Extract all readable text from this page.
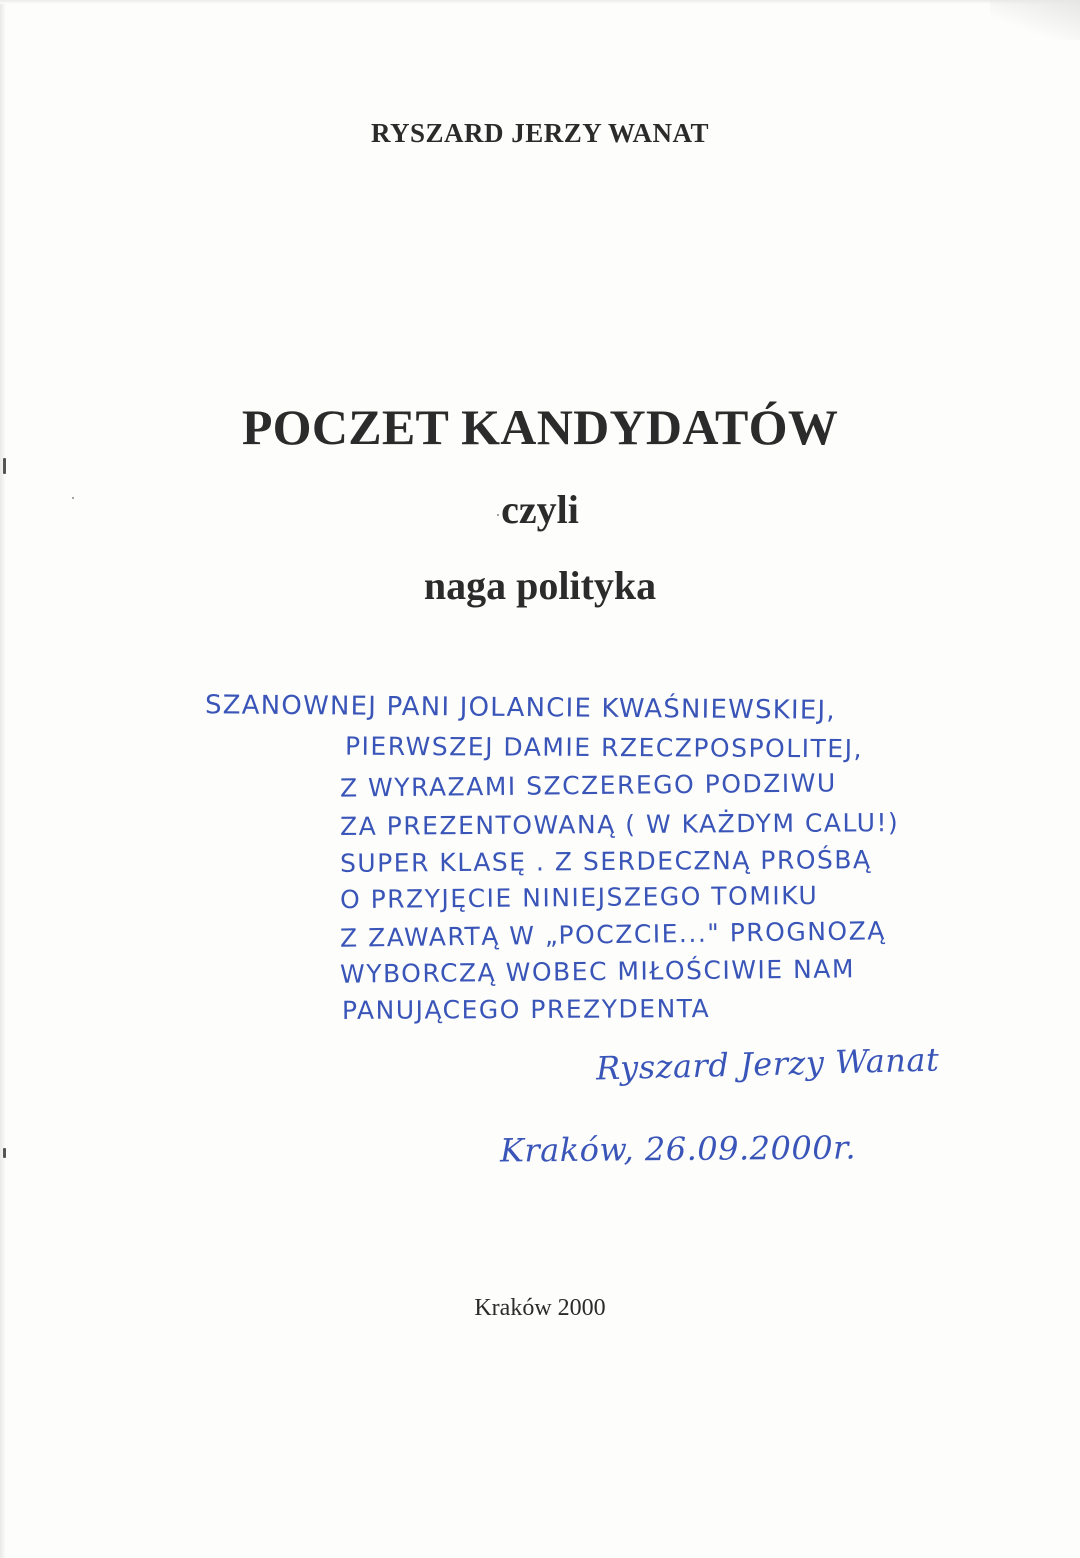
RYSZARD JERZY WANAT
POCZET KANDYDATÓW
czyli
naga polityka
SZANOWNEJ PANI JOLANCIE KWAŚNIEWSKIEJ,
PIERWSZEJ DAMIE RZECZPOSPOLITEJ,
Z WYRAZAMI SZCZEREGO PODZIWU
ZA PREZENTOWANĄ ( W KAŻDYM CALU!)
SUPER KLASĘ . Z SERDECZNĄ PROŚBĄ
O PRZYJĘCIE NINIEJSZEGO TOMIKU
Z ZAWARTĄ W „POCZCIE..." PROGNOZĄ
WYBORCZĄ WOBEC MIŁOŚCIWIE NAM
PANUJĄCEGO PREZYDENTA
Ryszard Jerzy Wanat
Kraków, 26.09.2000r.
Kraków 2000
